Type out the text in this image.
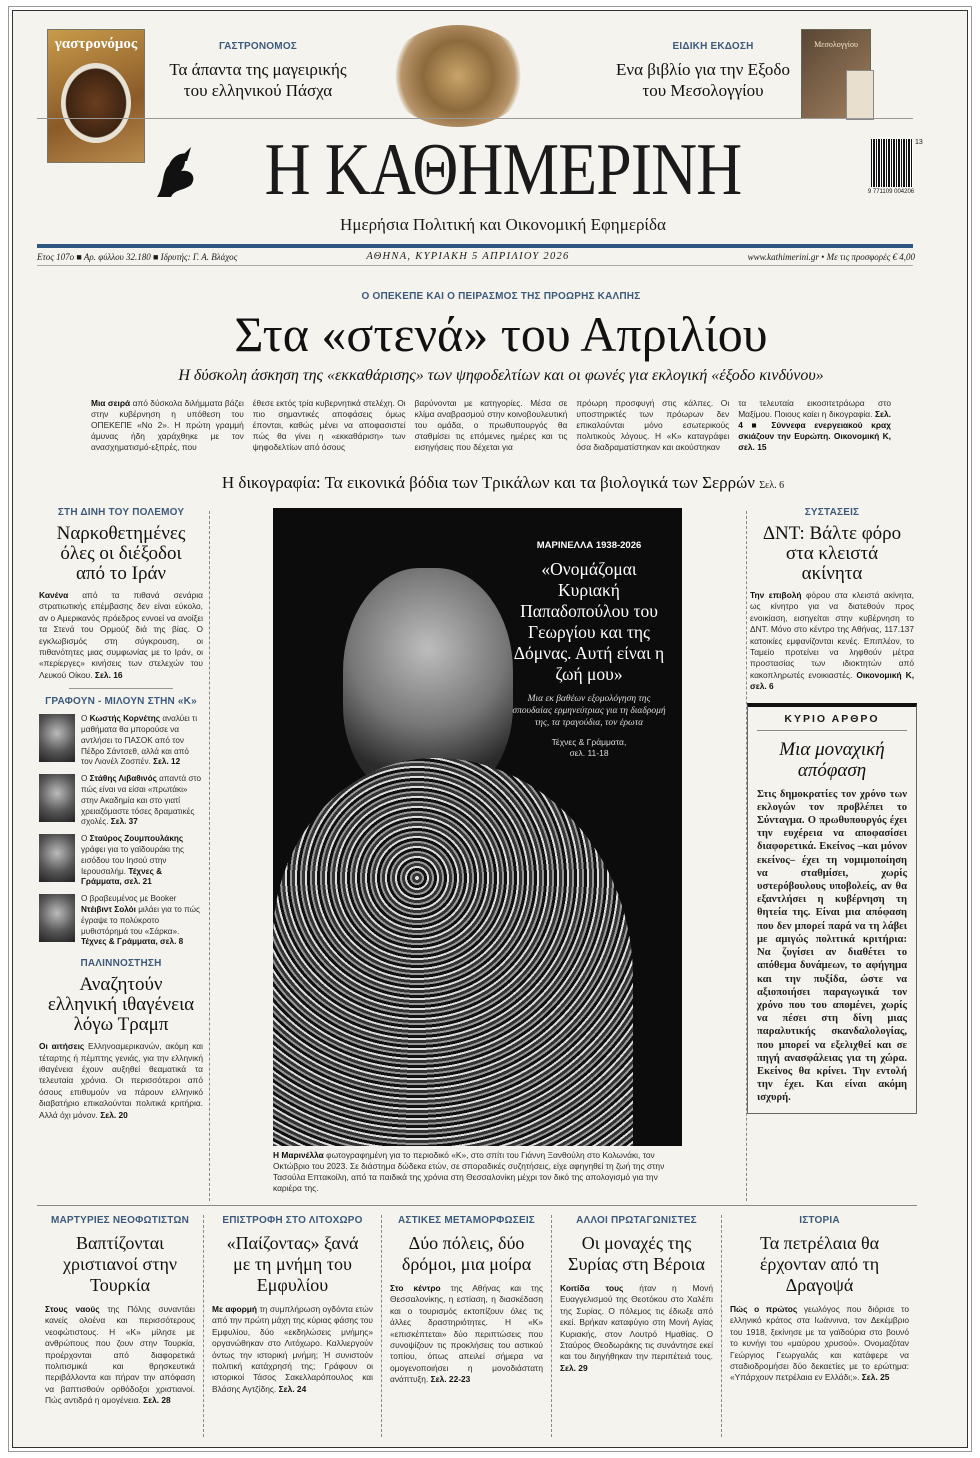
γαστρονόμος	ΓΑΣΤΡΟΝΟΜΟΣ
Τα άπαντα της μαγειρικής
του ελληνικού Πάσχα
ΕΙΔΙΚΗ ΕΚΔΟΣΗ
Ενα βιβλίο για την Εξοδο
του Μεσολογγίου
Μεσολογγίου
Η ΚΑΘΗΜΕΡΙΝΗ	13
9 771109 004206
Ημερήσια Πολιτική και Οικονομική Εφημερίδα
Ετος 107ο ■ Αρ. φύλλου 32.180 ■ Ιδρυτής: Γ. Α. Βλάχος	ΑΘΗΝΑ, ΚΥΡΙΑΚΗ 5 ΑΠΡΙΛΙΟΥ 2026	www.kathimerini.gr • Με τις προσφορές € 4,00
Ο ΟΠΕΚΕΠΕ ΚΑΙ Ο ΠΕΙΡΑΣΜΟΣ ΤΗΣ ΠΡΟΩΡΗΣ ΚΑΛΠΗΣ
Στα «στενά» του Απριλίου
Η δύσκολη άσκηση της «εκκαθάρισης» των ψηφοδελτίων και οι φωνές για εκλογική «έξοδο κινδύνου»
Μια σειρά από δύσκολα διλήμματα βάζει στην κυβέρνηση η υπόθεση του ΟΠΕΚΕΠΕ «Νο 2». Η πρώτη γραμμή άμυνας ήδη χαράχθηκε με τον ανασχηματισμό-εξπρές, που
έθεσε εκτός τρία κυβερνητικά στελέχη. Οι πιο σημαντικές αποφάσεις όμως έπονται, καθώς μένει να αποφασιστεί πώς θα γίνει η «εκκαθάριση» των ψηφοδελτίων από όσους
βαρύνονται με κατηγορίες. Μέσα σε κλίμα αναβρασμού στην κοινοβουλευτική του ομάδα, ο πρωθυπουργός θα σταθμίσει τις επόμενες ημέρες και τις εισηγήσεις που δέχεται για
πρόωρη προσφυγή στις κάλπες. Οι υποστηρικτές των πρόωρων δεν επικαλούνται μόνο εσωτερικούς πολιτικούς λόγους. Η «Κ» καταγράφει όσα διαδραματίστηκαν και ακούστηκαν
τα τελευταία εικοσιτετράωρα στο Μαξίμου. Ποιους καίει η δικογραφία. Σελ. 4 ■ Σύννεφα ενεργειακού κραχ σκιάζουν την Ευρώπη. Οικονομική Κ, σελ. 15
Η δικογραφία: Τα εικονικά βόδια των Τρικάλων και τα βιολογικά των Σερρών Σελ. 6
ΣΤΗ ΔΙΝΗ ΤΟΥ ΠΟΛΕΜΟΥ
Ναρκοθετημένες όλες οι διέξοδοι από το Ιράν
Κανένα από τα πιθανά σενάρια στρατιωτικής επέμβασης δεν είναι εύκολο, αν ο Αμερικανός πρόεδρος εννοεί να ανοίξει τα Στενά του Ορμούζ διά της βίας. Ο εγκλωβισμός στη σύγκρουση, οι πιθανότητες μιας συμφωνίας με το Ιράν, οι «περίεργες» κινήσεις των στελεχών του Λευκού Οίκου. Σελ. 16
ΓΡΑΦΟΥΝ - ΜΙΛΟΥΝ ΣΤΗΝ «Κ»
Ο Κωστής Κορνέτης αναλύει τι μαθήματα θα μπορούσε να αντλήσει το ΠΑΣΟΚ από τον Πέδρο Σάντσεθ, αλλά και από τον Λιονέλ Ζοσπέν. Σελ. 12
Ο Στάθης Λιβαθινός απαντά στο πώς είναι να είσαι «πρωτάκι» στην Ακαδημία και στο γιατί χρειαζόμαστε τόσες δραματικές σχολές. Σελ. 37
Ο Σταύρος Ζουμπουλάκης γράφει για το γαϊδουράκι της εισόδου του Ιησού στην Ιερουσαλήμ. Τέχνες & Γράμματα, σελ. 21
Ο βραβευμένος με Booker Ντέιβιντ Σολόι μιλάει για το πώς έγραψε το πολύκροτο μυθιστόρημά του «Σάρκα». Τέχνες & Γράμματα, σελ. 8
ΠΑΛΙΝΝΟΣΤΗΣΗ
Αναζητούν ελληνική ιθαγένεια λόγω Τραμπ
Οι αιτήσεις Ελληνοαμερικανών, ακόμη και τέταρτης ή πέμπτης γενιάς, για την ελληνική ιθαγένεια έχουν αυξηθεί θεαματικά τα τελευταία χρόνια. Οι περισσότεροι από όσους επιθυμούν να πάρουν ελληνικό διαβατήριο επικαλούνται πολιτικά κριτήρια. Αλλά όχι μόνον. Σελ. 20
ΜΑΡΙΝΕΛΛΑ 1938-2026
«Ονομάζομαι Κυριακή Παπαδοπούλου του Γεωργίου και της Δόμνας. Αυτή είναι η ζωή μου»
Μια εκ βαθέων εξομολόγηση της σπουδαίας ερμηνεύτριας για τη διαδρομή της, τα τραγούδια, τον έρωτα
Τέχνες & Γράμματα,
σελ. 11-18
Η Μαρινέλλα φωτογραφημένη για το περιοδικό «Κ», στο σπίτι του Γιάννη Ξανθούλη στο Κολωνάκι, τον Οκτώβριο του 2023. Σε διάστημα δώδεκα ετών, σε σποραδικές συζητήσεις, είχε αφηγηθεί τη ζωή της στην Τασούλα Επτακοίλη, από τα παιδικά της χρόνια στη Θεσσαλονίκη μέχρι τον δικό της απολογισμό για την καριέρα της.
ΣΥΣΤΑΣΕΙΣ
ΔΝΤ: Βάλτε φόρο στα κλειστά ακίνητα
Την επιβολή φόρου στα κλειστά ακίνητα, ως κίνητρο για να διατεθούν προς ενοικίαση, εισηγείται στην κυβέρνηση το ΔΝΤ. Μόνο στο κέντρο της Αθήνας, 117.137 κατοικίες εμφανίζονται κενές. Επιπλέον, το Ταμείο προτείνει να ληφθούν μέτρα προστασίας των ιδιοκτητών από κακοπληρωτές ενοικιαστές. Οικονομική Κ, σελ. 6
ΚΥΡΙΟ ΑΡΘΡΟ
Μια μοναχική απόφαση
Στις δημοκρατίες τον χρόνο των εκλογών τον προβλέπει το Σύνταγμα. Ο πρωθυπουργός έχει την ευχέρεια να αποφασίσει διαφορετικά. Εκείνος –και μόνον εκείνος– έχει τη νομιμοποίηση να σταθμίσει, χωρίς υστερόβουλους υποβολείς, αν θα εξαντλήσει η κυβέρνηση τη θητεία της. Είναι μια απόφαση που δεν μπορεί παρά να τη λάβει με αμιγώς πολιτικά κριτήρια: Να ζυγίσει αν διαθέτει το απόθεμα δυνάμεων, το αφήγημα και την πυξίδα, ώστε να αξιοποιήσει παραγωγικά τον χρόνο που του απομένει, χωρίς να πέσει στη δίνη μιας παραλυτικής σκανδαλολογίας, που μπορεί να εξελιχθεί και σε πηγή ανασφάλειας για τη χώρα. Εκείνος θα κρίνει. Την εντολή την έχει. Και είναι ακόμη ισχυρή.
ΜΑΡΤΥΡΙΕΣ ΝΕΟΦΩΤΙΣΤΩΝ
Βαπτίζονται χριστιανοί στην Τουρκία
Στους ναούς της Πόλης συναντάει κανείς ολοένα και περισσότερους νεοφώτιστους. Η «Κ» μίλησε με ανθρώπους που ζουν στην Τουρκία, προέρχονται από διαφορετικά πολιτισμικά και θρησκευτικά περιβάλλοντα και πήραν την απόφαση να βαπτισθούν ορθόδοξοι χριστιανοί. Πώς αντιδρά η ομογένεια. Σελ. 28
ΕΠΙΣΤΡΟΦΗ ΣΤΟ ΛΙΤΟΧΩΡΟ
«Παίζοντας» ξανά με τη μνήμη του Εμφυλίου
Με αφορμή τη συμπλήρωση ογδόντα ετών από την πρώτη μάχη της κύριας φάσης του Εμφυλίου, δύο «εκδηλώσεις μνήμης» οργανώθηκαν στο Λιτόχωρο. Καλλιεργούν όντως την ιστορική μνήμη; Ή συνιστούν πολιτική κατάχρησή της; Γράφουν οι ιστορικοί Τάσος Σακελλαρόπουλος και Βλάσης Αγτζίδης. Σελ. 24
ΑΣΤΙΚΕΣ ΜΕΤΑΜΟΡΦΩΣΕΙΣ
Δύο πόλεις, δύο δρόμοι, μια μοίρα
Στο κέντρο της Αθήνας και της Θεσσαλονίκης, η εστίαση, η διασκέδαση και ο τουρισμός εκτοπίζουν όλες τις άλλες δραστηριότητες. Η «Κ» «επισκέπτεται» δύο περιπτώσεις που συνοψίζουν τις προκλήσεις του αστικού τοπίου, όπως απειλεί σήμερα να ομογενοποιήσει η μονοδιάστατη ανάπτυξη. Σελ. 22-23
ΑΛΛΟΙ ΠΡΩΤΑΓΩΝΙΣΤΕΣ
Οι μοναχές της Συρίας στη Βέροια
Κοιτίδα τους ήταν η Μονή Ευαγγελισμού της Θεοτόκου στο Χαλέπι της Συρίας. Ο πόλεμος τις έδιωξε από εκεί. Βρήκαν καταφύγιο στη Μονή Αγίας Κυριακής, στον Λουτρό Ημαθίας. Ο Σταύρος Θεοδωράκης τις συνάντησε εκεί και του διηγήθηκαν την περιπέτειά τους. Σελ. 29
ΙΣΤΟΡΙΑ
Τα πετρέλαια θα έρχονταν από τη Δραγοψά
Πώς ο πρώτος γεωλόγος που διόρισε το ελληνικό κράτος στα Ιωάννινα, τον Δεκέμβριο του 1918, ξεκίνησε με τα γαϊδούρια στο βουνό το κυνήγι του «μαύρου χρυσού». Ονομαζόταν Γεώργιος Γεωργαλάς και κατάφερε να σταδιοδρομήσει δύο δεκαετίες με το ερώτημα: «Υπάρχουν πετρέλαια εν Ελλάδι;». Σελ. 25
